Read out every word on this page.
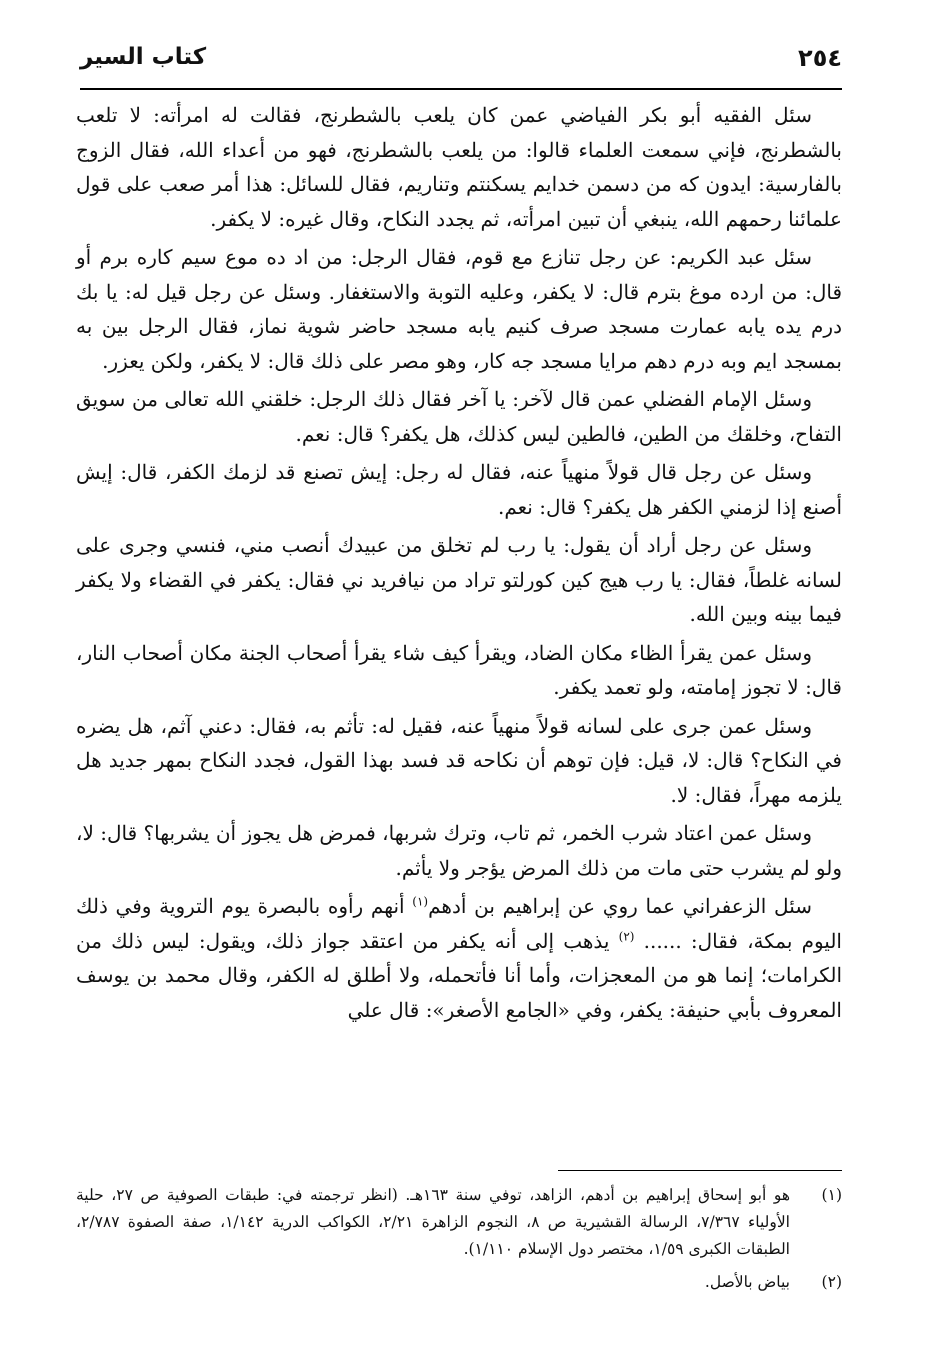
كتاب السير	٢٥٤

سئل الفقيه أبو بكر الفياضي عمن كان يلعب بالشطرنج، فقالت له امرأته: لا تلعب بالشطرنج، فإني سمعت العلماء قالوا: من يلعب بالشطرنج، فهو من أعداء الله، فقال الزوج بالفارسية: ايدون كه من دسمن خدايم يسكنتم وتناريم، فقال للسائل: هذا أمر صعب على قول علمائنا رحمهم الله، ينبغي أن تبين امرأته، ثم يجدد النكاح، وقال غيره: لا يكفر.

سئل عبد الكريم: عن رجل تنازع مع قوم، فقال الرجل: من اد ده موع سيم كاره برم أو قال: من ارده موغ بترم قال: لا يكفر، وعليه التوبة والاستغفار. وسئل عن رجل قيل له: يا بك درم يده يابه عمارت مسجد صرف كنيم يابه مسجد حاضر شوية نماز، فقال الرجل بين به بمسجد ايم وبه درم دهم مرايا مسجد جه كار، وهو مصر على ذلك قال: لا يكفر، ولكن يعزر.

وسئل الإمام الفضلي عمن قال لآخر: يا آخر فقال ذلك الرجل: خلقني الله تعالى من سويق التفاح، وخلقك من الطين، فالطين ليس كذلك، هل يكفر؟ قال: نعم.

وسئل عن رجل قال قولاً منهياً عنه، فقال له رجل: إيش تصنع قد لزمك الكفر، قال: إيش أصنع إذا لزمني الكفر هل يكفر؟ قال: نعم.

وسئل عن رجل أراد أن يقول: يا رب لم تخلق من عبيدك أنصب مني، فنسي وجرى على لسانه غلطاً، فقال: يا رب هيج كين كورلتو تراد من نيافريد ني فقال: يكفر في القضاء ولا يكفر فيما بينه وبين الله.

وسئل عمن يقرأ الظاء مكان الضاد، ويقرأ كيف شاء يقرأ أصحاب الجنة مكان أصحاب النار، قال: لا تجوز إمامته، ولو تعمد يكفر.

وسئل عمن جرى على لسانه قولاً منهياً عنه، فقيل له: تأثم به، فقال: دعني آثم، هل يضره في النكاح؟ قال: لا، قيل: فإن توهم أن نكاحه قد فسد بهذا القول، فجدد النكاح بمهر جديد هل يلزمه مهراً، فقال: لا.

وسئل عمن اعتاد شرب الخمر، ثم تاب، وترك شربها، فمرض هل يجوز أن يشربها؟ قال: لا، ولو لم يشرب حتى مات من ذلك المرض يؤجر ولا يأثم.

سئل الزعفراني عما روي عن إبراهيم بن أدهم$^{(١)}$ أنهم رأوه بالبصرة يوم التروية وفي ذلك اليوم بمكة، فقال: ...... $^{(٢)}$ يذهب إلى أنه يكفر من اعتقد جواز ذلك، ويقول: ليس ذلك من الكرامات؛ إنما هو من المعجزات، وأما أنا فأتحمله، ولا أطلق له الكفر، وقال محمد بن يوسف المعروف بأبي حنيفة: يكفر، وفي «الجامع الأصغر»: قال علي

(١)
هو أبو إسحاق إبراهيم بن أدهم، الزاهد، توفي سنة ١٦٣هـ. (انظر ترجمته في: طبقات الصوفية ص ٢٧، حلية الأولياء ٧/٣٦٧، الرسالة القشيرية ص ٨، النجوم الزاهرة ٢/٢١، الكواكب الدرية ١/١٤٢، صفة الصفوة ٢/٧٨٧، الطبقات الكبرى ١/٥٩، مختصر دول الإسلام ١/١١٠).
(٢)
بياض بالأصل.
